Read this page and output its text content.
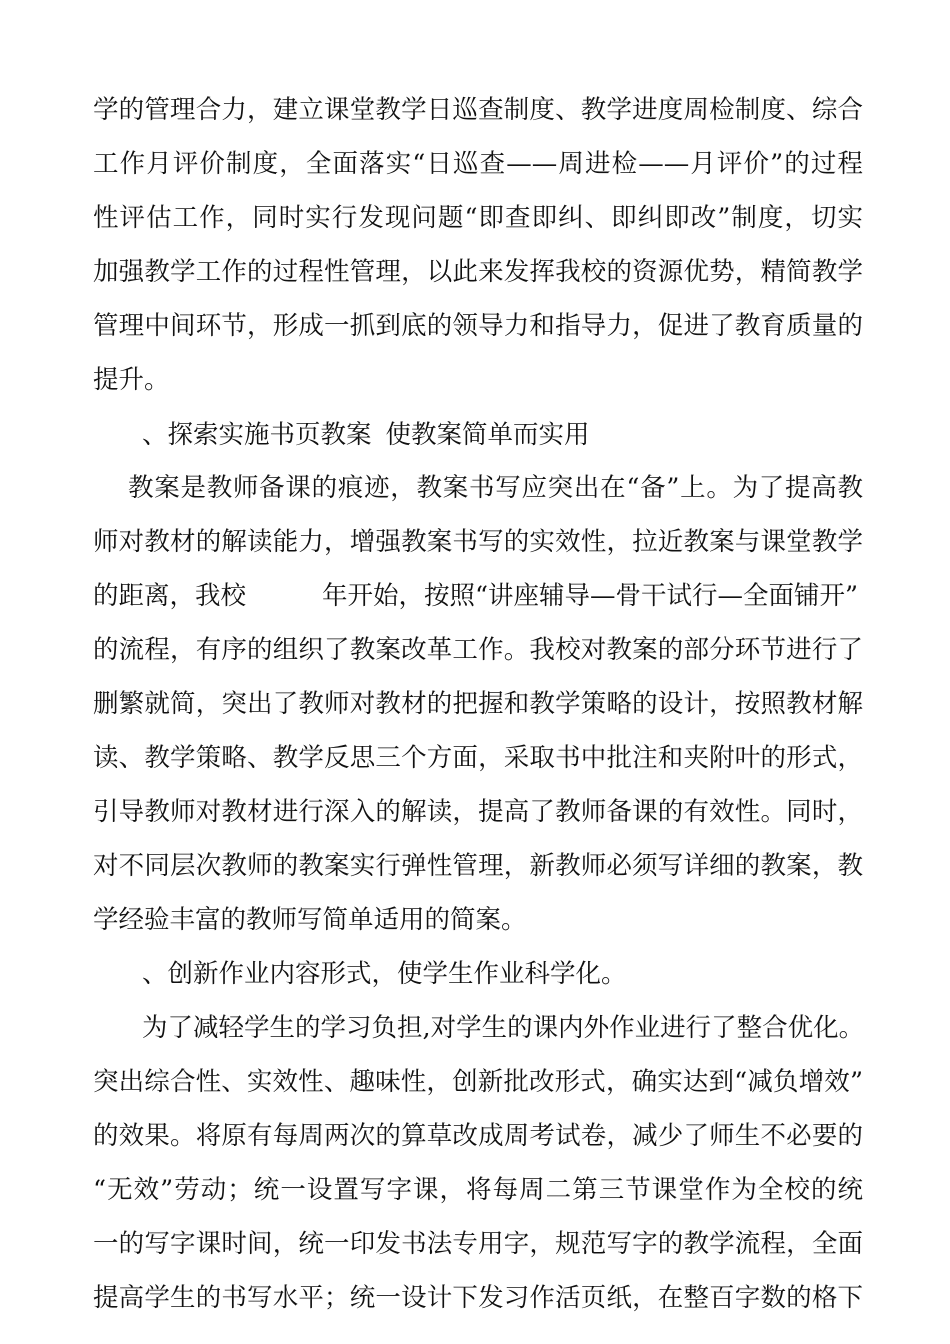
学的管理合力，建立课堂教学日巡查制度、教学进度周检制度、综合
工作月评价制度，全面落实“日巡查——周进检——月评价”的过程
性评估工作，同时实行发现问题“即查即纠、即纠即改”制度，切实
加强教学工作的过程性管理，以此来发挥我校的资源优势，精简教学
管理中间环节，形成一抓到底的领导力和指导力，促进了教育质量的
提升。
、探索实施书页教案 使教案简单而实用
教案是教师备课的痕迹，教案书写应突出在“备”上。为了提高教
师对教材的解读能力，增强教案书写的实效性，拉近教案与课堂教学
的距离，我校	年开始，按照“讲座辅导—骨干试行—全面铺开”
的流程，有序的组织了教案改革工作。我校对教案的部分环节进行了
删繁就简，突出了教师对教材的把握和教学策略的设计，按照教材解
读、教学策略、教学反思三个方面，采取书中批注和夹附叶的形式，
引导教师对教材进行深入的解读，提高了教师备课的有效性。同时，
对不同层次教师的教案实行弹性管理，新教师必须写详细的教案，教
学经验丰富的教师写简单适用的简案。
、创新作业内容形式，使学生作业科学化。
为了减轻学生的学习负担,对学生的课内外作业进行了整合优化。
突出综合性、实效性、趣味性，创新批改形式，确实达到“减负增效”
的效果。将原有每周两次的算草改成周考试卷，减少了师生不必要的
“无效”劳动；统一设置写字课，将每周二第三节课堂作为全校的统
一的写字课时间，统一印发书法专用字，规范写字的教学流程，全面
提高学生的书写水平；统一设计下发习作活页纸，在整百字数的格下
